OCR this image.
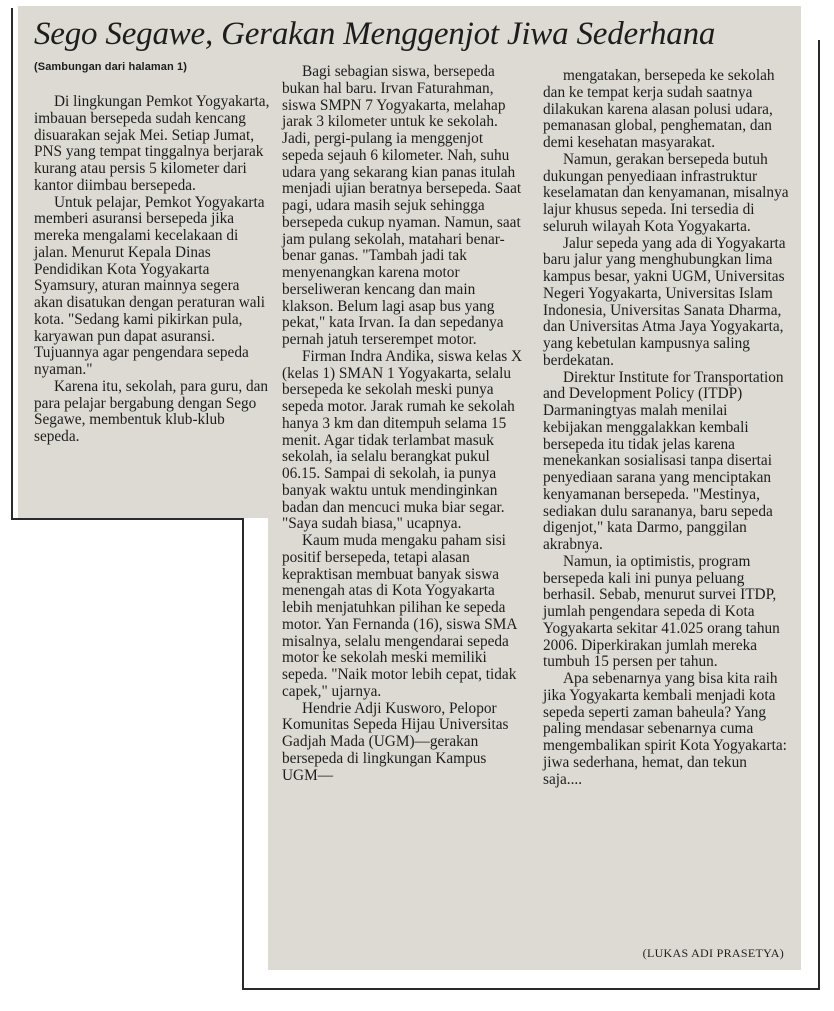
Sego Segawe, Gerakan Menggenjot Jiwa Sederhana
(Sambungan dari halaman 1)

Di lingkungan Pemkot Yogyakarta, imbauan bersepeda sudah kencang disuarakan sejak Mei. Setiap Jumat, PNS yang tempat tinggalnya berjarak kurang atau persis 5 kilometer dari kantor diimbau bersepeda.

Untuk pelajar, Pemkot Yogyakarta memberi asuransi bersepeda jika mereka mengalami kecelakaan di jalan. Menurut Kepala Dinas Pendidikan Kota Yogyakarta Syamsury, aturan mainnya segera akan disatukan dengan peraturan wali kota. "Sedang kami pikirkan pula, karyawan pun dapat asuransi. Tujuannya agar pengendara sepeda nyaman."

Karena itu, sekolah, para guru, dan para pelajar bergabung dengan Sego Segawe, membentuk klub-klub sepeda.

Bagi sebagian siswa, bersepeda bukan hal baru. Irvan Faturahman, siswa SMPN 7 Yogyakarta, melahap jarak 3 kilometer untuk ke sekolah. Jadi, pergi-pulang ia menggenjot sepeda sejauh 6 kilometer. Nah, suhu udara yang sekarang kian panas itulah menjadi ujian beratnya bersepeda. Saat pagi, udara masih sejuk sehingga bersepeda cukup nyaman. Namun, saat jam pulang sekolah, matahari benar-benar ganas. "Tambah jadi tak menyenangkan karena motor berseliweran kencang dan main klakson. Belum lagi asap bus yang pekat," kata Irvan. Ia dan sepedanya pernah jatuh terserempet motor.

Firman Indra Andika, siswa kelas X (kelas 1) SMAN 1 Yogyakarta, selalu bersepeda ke sekolah meski punya sepeda motor. Jarak rumah ke sekolah hanya 3 km dan ditempuh selama 15 menit. Agar tidak terlambat masuk sekolah, ia selalu berangkat pukul 06.15. Sampai di sekolah, ia punya banyak waktu untuk mendinginkan badan dan mencuci muka biar segar. "Saya sudah biasa," ucapnya.

Kaum muda mengaku paham sisi positif bersepeda, tetapi alasan kepraktisan membuat banyak siswa menengah atas di Kota Yogyakarta lebih menjatuhkan pilihan ke sepeda motor. Yan Fernanda (16), siswa SMA misalnya, selalu mengendarai sepeda motor ke sekolah meski memiliki sepeda. "Naik motor lebih cepat, tidak capek," ujarnya.

Hendrie Adji Kusworo, Pelopor Komunitas Sepeda Hijau Universitas Gadjah Mada (UGM)—gerakan bersepeda di lingkungan Kampus UGM—

mengatakan, bersepeda ke sekolah dan ke tempat kerja sudah saatnya dilakukan karena alasan polusi udara, pemanasan global, penghematan, dan demi kesehatan masyarakat.

Namun, gerakan bersepeda butuh dukungan penyediaan infrastruktur keselamatan dan kenyamanan, misalnya lajur khusus sepeda. Ini tersedia di seluruh wilayah Kota Yogyakarta.

Jalur sepeda yang ada di Yogyakarta baru jalur yang menghubungkan lima kampus besar, yakni UGM, Universitas Negeri Yogyakarta, Universitas Islam Indonesia, Universitas Sanata Dharma, dan Universitas Atma Jaya Yogyakarta, yang kebetulan kampusnya saling berdekatan.

Direktur Institute for Transportation and Development Policy (ITDP) Darmaningtyas malah menilai kebijakan menggalakkan kembali bersepeda itu tidak jelas karena menekankan sosialisasi tanpa disertai penyediaan sarana yang menciptakan kenyamanan bersepeda. "Mestinya, sediakan dulu sarananya, baru sepeda digenjot," kata Darmo, panggilan akrabnya.

Namun, ia optimistis, program bersepeda kali ini punya peluang berhasil. Sebab, menurut survei ITDP, jumlah pengendara sepeda di Kota Yogyakarta sekitar 41.025 orang tahun 2006. Diperkirakan jumlah mereka tumbuh 15 persen per tahun.

Apa sebenarnya yang bisa kita raih jika Yogyakarta kembali menjadi kota sepeda seperti zaman baheula? Yang paling mendasar sebenarnya cuma mengembalikan spirit Kota Yogyakarta: jiwa sederhana, hemat, dan tekun saja....

(LUKAS ADI PRASETYA)
